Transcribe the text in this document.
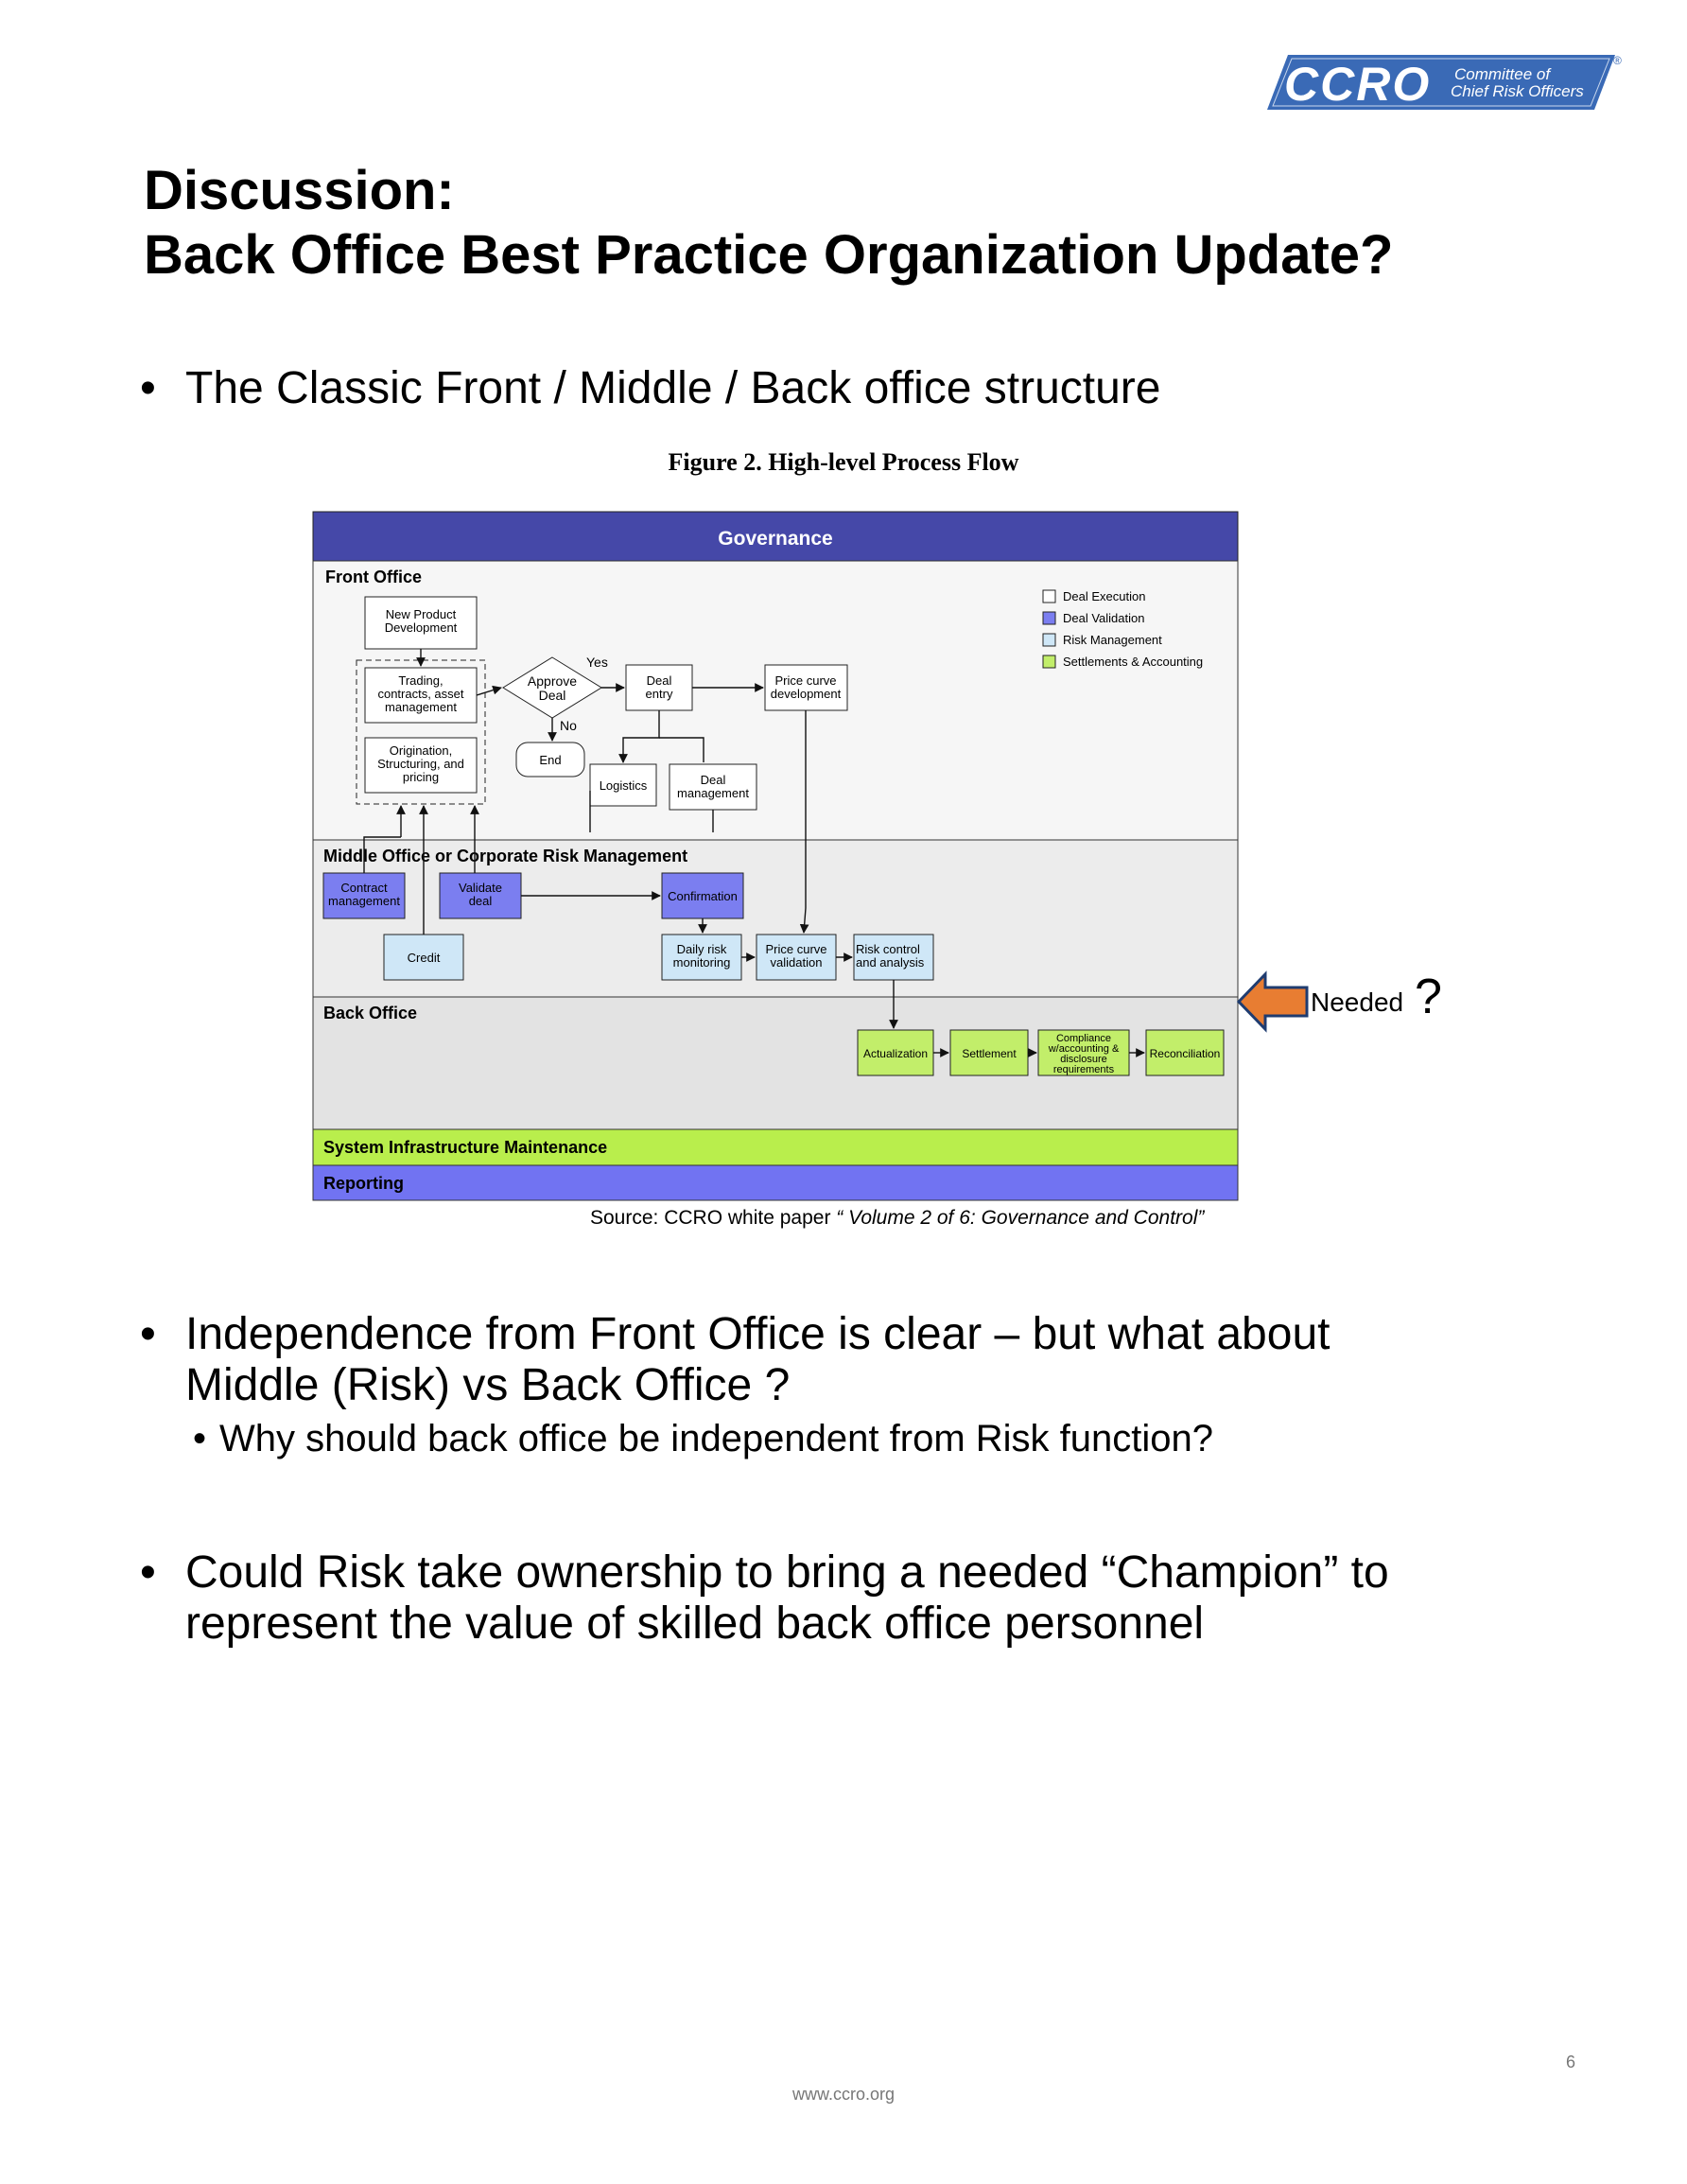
CCRO Committee of
Chief Risk Officers
®
Discussion:
Back Office Best Practice Organization Update?
• The Classic Front / Middle / Back office structure
Figure 2. High-level Process Flow
Governance
Front Office
Middle Office or Corporate Risk Management
Back Office
System Infrastructure Maintenance
Reporting
Deal Execution
Deal Validation
Risk Management
Settlements & Accounting
New Product
Development
Trading,
contracts, asset
management
Origination,
Structuring, and
pricing
Approve
Deal
Yes
No
End
Deal
entry
Price curve
development
Logistics	Deal
management
Contract
management
Validate
deal	Confirmation
Credit
Daily risk
monitoring
Price curve
validation
Risk control
and analysis
Actualization	Settlement
Compliance
w/accounting &
disclosure
requirements
Reconciliation
Source: CCRO white paper “ Volume 2 of 6: Governance and Control”
Needed ?
• Independence from Front Office is clear – but what about
Middle (Risk) vs Back Office ?
• Why should back office be independent from Risk function?
• Could Risk take ownership to bring a needed “Champion” to
represent the value of skilled back office personnel
6
www.ccro.org
